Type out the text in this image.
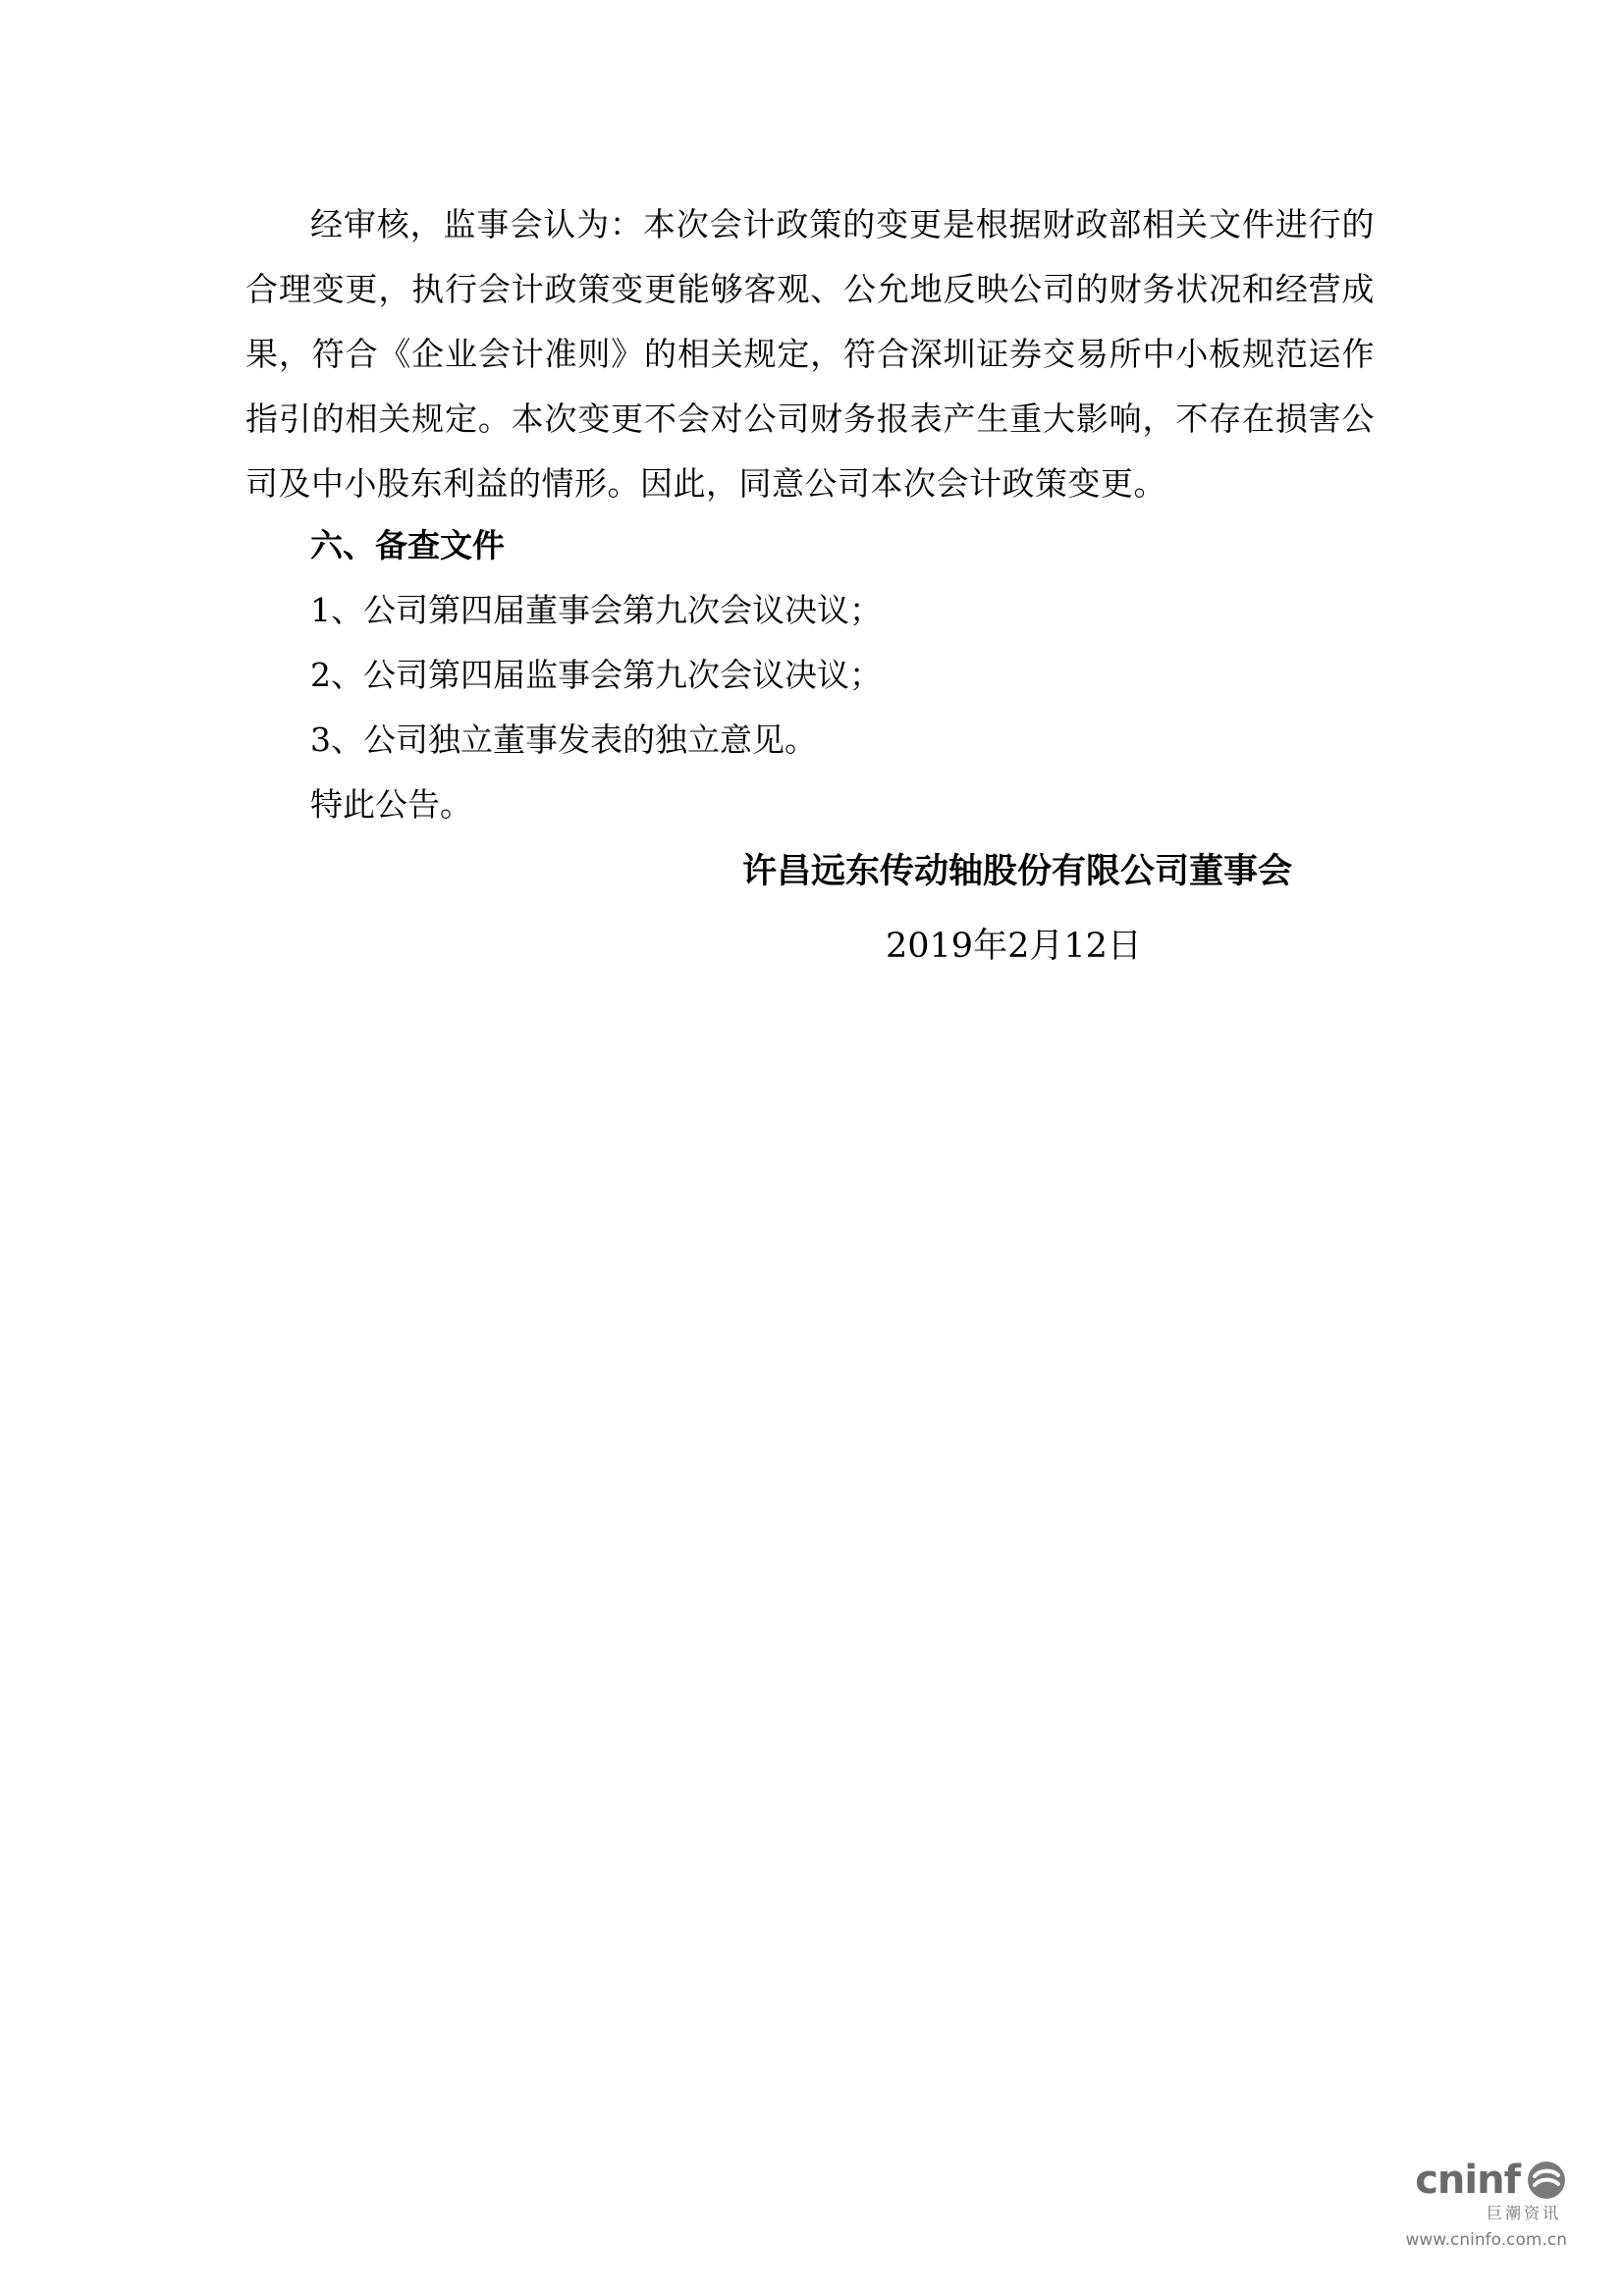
经审核，监事会认为：本次会计政策的变更是根据财政部相关文件进行的合理变更，执行会计政策变更能够客观、公允地反映公司的财务状况和经营成果，符合《企业会计准则》的相关规定，符合深圳证券交易所中小板规范运作指引的相关规定。本次变更不会对公司财务报表产生重大影响，不存在损害公司及中小股东利益的情形。因此，同意公司本次会计政策变更。

六、备查文件

1、公司第四届董事会第九次会议决议；

2、公司第四届监事会第九次会议决议；

3、公司独立董事发表的独立意见。

特此公告。

许昌远东传动轴股份有限公司董事会

2019年2月12日

cninf
巨潮资讯
www.cninfo.com.cn
